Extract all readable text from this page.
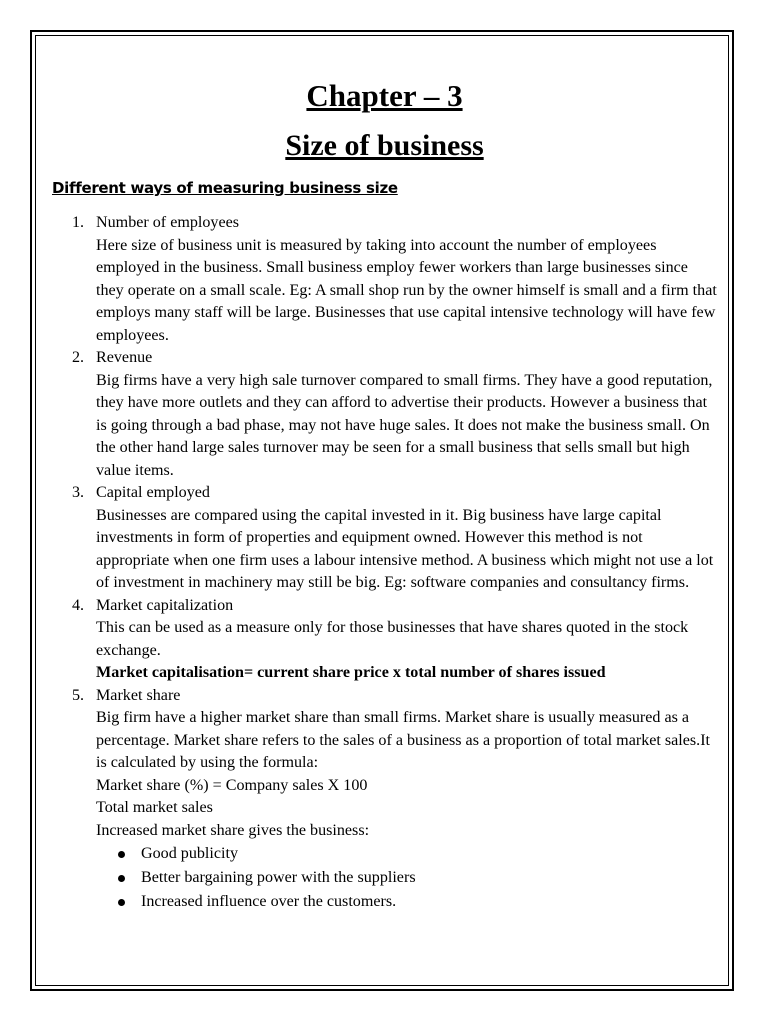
Chapter – 3
Size of business
Different ways of measuring business size
1. Number of employees
Here size of business unit is measured by taking into account the number of employees employed in the business. Small business employ fewer workers than large businesses since they operate on a small scale. Eg: A small shop run by the owner himself is small and a firm that employs many staff will be large. Businesses that use capital intensive technology will have few employees.
2. Revenue
Big firms have a very high sale turnover compared to small firms. They have a good reputation, they have more outlets and they can afford to advertise their products. However a business that is going through a bad phase, may not have huge sales. It does not make the business small. On the other hand large sales turnover may be seen for a small business that sells small but high value items.
3. Capital employed
Businesses are compared using the capital invested in it. Big business have large capital investments in form of properties and equipment owned. However this method is not appropriate when one firm uses a labour intensive method. A business which might not use a lot of investment in machinery may still be big. Eg: software companies and consultancy firms.
4. Market capitalization
This can be used as a measure only for those businesses that have shares quoted in the stock exchange.
Market capitalisation= current share price x total number of shares issued
5. Market share
Big firm have a higher market share than small firms. Market share is usually measured as a percentage. Market share refers to the sales of a business as a proportion of total market sales.It is calculated by using the formula:
Market share (%) = Company sales X 100
Total market sales
Increased market share gives the business:
Good publicity
Better bargaining power with the suppliers
Increased influence over the customers.
